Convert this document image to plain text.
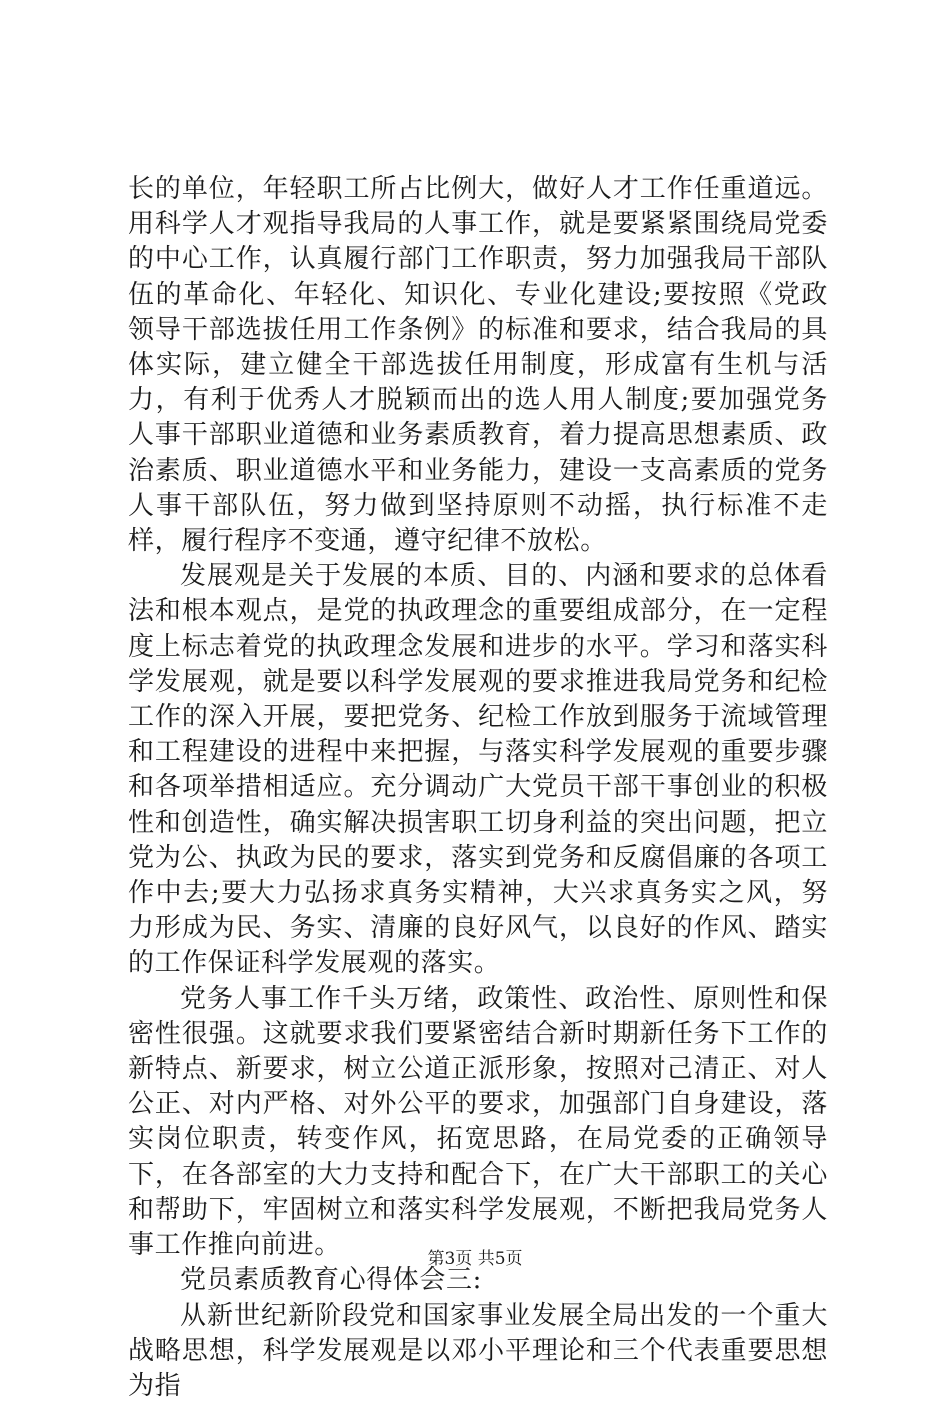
长的单位，年轻职工所占比例大，做好人才工作任重道远。用科学人才观指导我局的人事工作，就是要紧紧围绕局党委的中心工作，认真履行部门工作职责，努力加强我局干部队伍的革命化、年轻化、知识化、专业化建设;要按照《党政领导干部选拔任用工作条例》的标准和要求，结合我局的具体实际，建立健全干部选拔任用制度，形成富有生机与活力，有利于优秀人才脱颖而出的选人用人制度;要加强党务人事干部职业道德和业务素质教育，着力提高思想素质、政治素质、职业道德水平和业务能力，建设一支高素质的党务人事干部队伍，努力做到坚持原则不动摇，执行标准不走样，履行程序不变通，遵守纪律不放松。

发展观是关于发展的本质、目的、内涵和要求的总体看法和根本观点，是党的执政理念的重要组成部分，在一定程度上标志着党的执政理念发展和进步的水平。学习和落实科学发展观，就是要以科学发展观的要求推进我局党务和纪检工作的深入开展，要把党务、纪检工作放到服务于流域管理和工程建设的进程中来把握，与落实科学发展观的重要步骤和各项举措相适应。充分调动广大党员干部干事创业的积极性和创造性，确实解决损害职工切身利益的突出问题，把立党为公、执政为民的要求，落实到党务和反腐倡廉的各项工作中去;要大力弘扬求真务实精神，大兴求真务实之风，努力形成为民、务实、清廉的良好风气，以良好的作风、踏实的工作保证科学发展观的落实。

党务人事工作千头万绪，政策性、政治性、原则性和保密性很强。这就要求我们要紧密结合新时期新任务下工作的新特点、新要求，树立公道正派形象，按照对己清正、对人公正、对内严格、对外公平的要求，加强部门自身建设，落实岗位职责，转变作风，拓宽思路，在局党委的正确领导下，在各部室的大力支持和配合下，在广大干部职工的关心和帮助下，牢固树立和落实科学发展观，不断把我局党务人事工作推向前进。

党员素质教育心得体会三:

从新世纪新阶段党和国家事业发展全局出发的一个重大战略思想，科学发展观是以邓小平理论和三个代表重要思想为指

第3页 共5页
